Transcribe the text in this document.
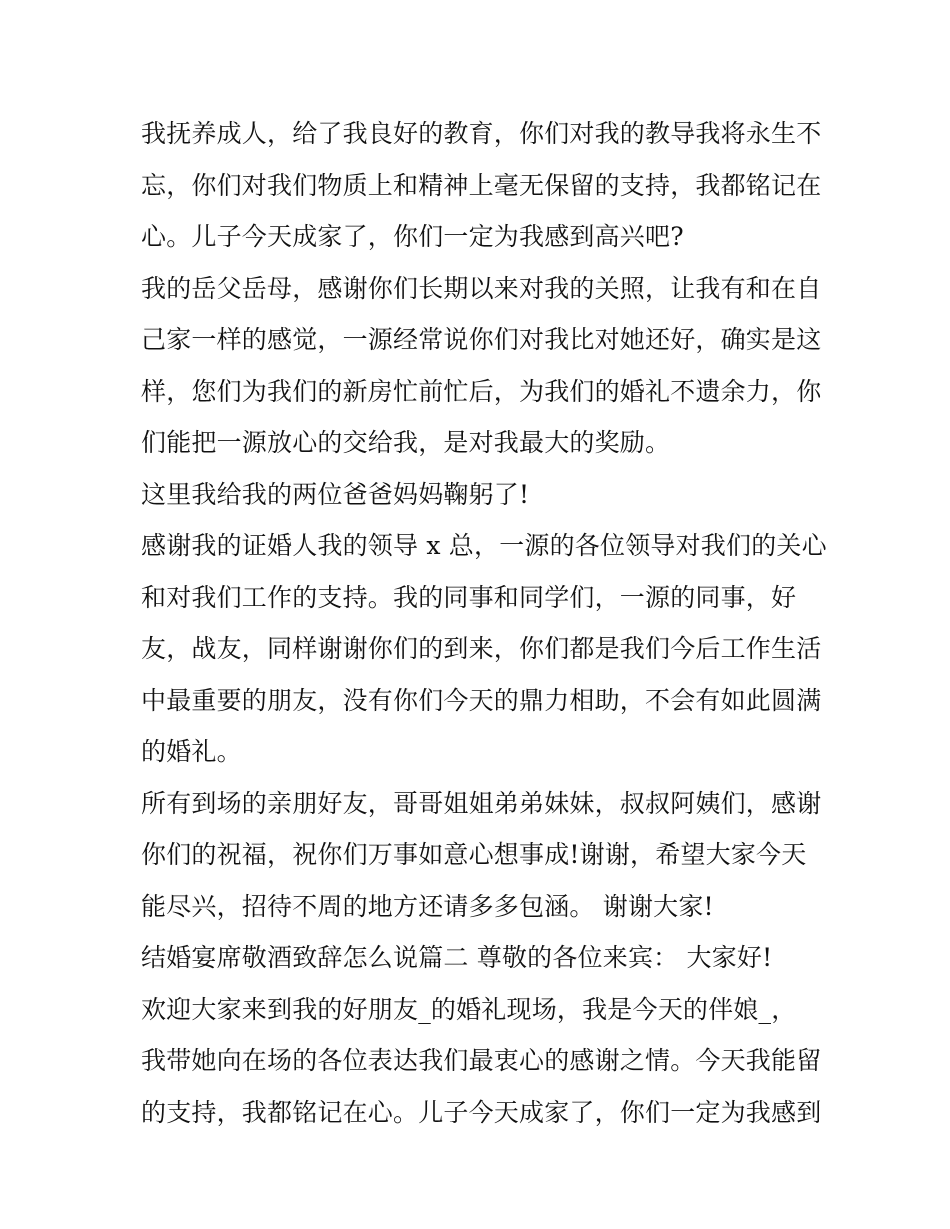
我抚养成人，给了我良好的教育，你们对我的教导我将永生不
忘，你们对我们物质上和精神上毫无保留的支持，我都铭记在
心。儿子今天成家了，你们一定为我感到高兴吧?
我的岳父岳母，感谢你们长期以来对我的关照，让我有和在自
己家一样的感觉，一源经常说你们对我比对她还好，确实是这
样，您们为我们的新房忙前忙后，为我们的婚礼不遗余力，你
们能把一源放心的交给我，是对我最大的奖励。
这里我给我的两位爸爸妈妈鞠躬了!
感谢我的证婚人我的领导 x 总，一源的各位领导对我们的关心
和对我们工作的支持。我的同事和同学们，一源的同事，好
友，战友，同样谢谢你们的到来，你们都是我们今后工作生活
中最重要的朋友，没有你们今天的鼎力相助，不会有如此圆满
的婚礼。
所有到场的亲朋好友，哥哥姐姐弟弟妹妹，叔叔阿姨们，感谢
你们的祝福，祝你们万事如意心想事成!谢谢，希望大家今天
能尽兴，招待不周的地方还请多多包涵。 谢谢大家!
结婚宴席敬酒致辞怎么说篇二 尊敬的各位来宾： 大家好!
欢迎大家来到我的好朋友_的婚礼现场，我是今天的伴娘_，
我带她向在场的各位表达我们最衷心的感谢之情。今天我能留
的支持，我都铭记在心。儿子今天成家了，你们一定为我感到
